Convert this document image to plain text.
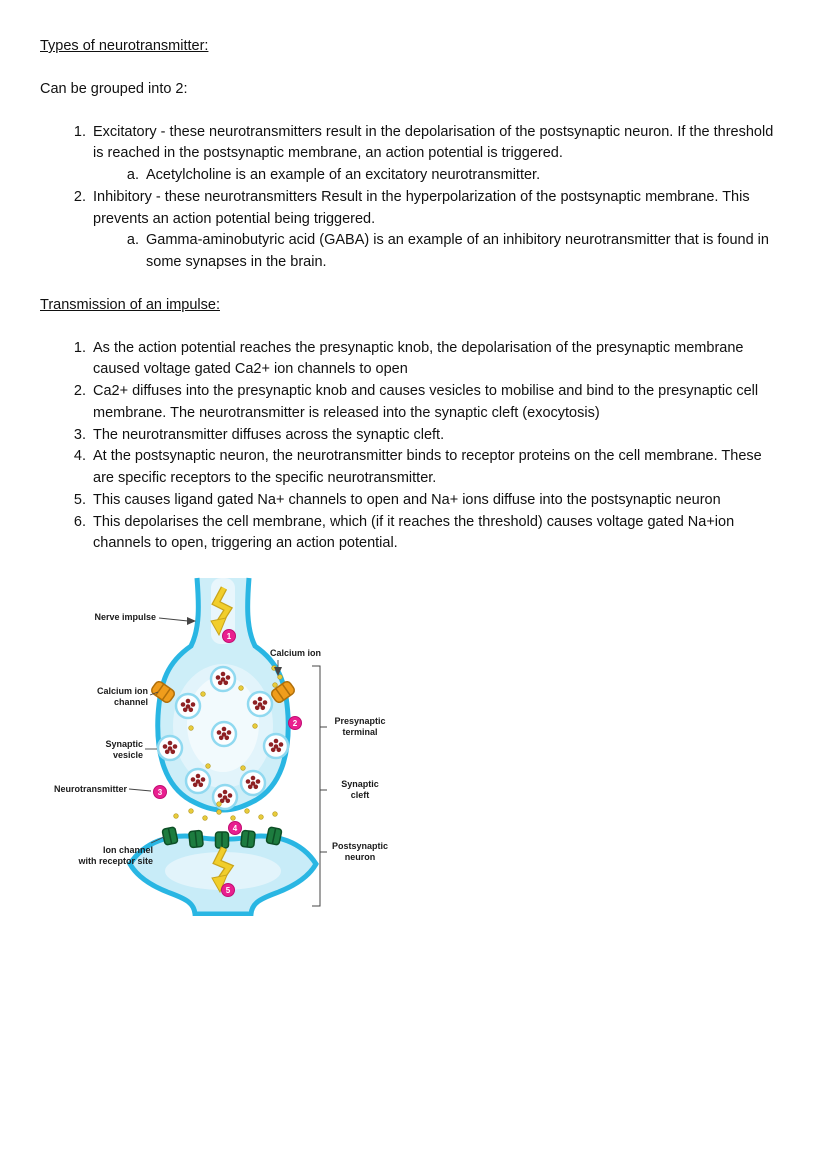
Types of neurotransmitter:

Can be grouped into 2:

1. Excitatory - these neurotransmitters result in the depolarisation of the postsynaptic neuron. If the threshold is reached in the postsynaptic membrane, an action potential is triggered.
a. Acetylcholine is an example of an excitatory neurotransmitter.
2. Inhibitory - these neurotransmitters Result in the hyperpolarization of the postsynaptic membrane. This prevents an action potential being triggered.
a. Gamma-aminobutyric acid (GABA) is an example of an inhibitory neurotransmitter that is found in some synapses in the brain.
Transmission of an impulse:
1. As the action potential reaches the presynaptic knob, the depolarisation of the presynaptic membrane caused voltage gated Ca2+ ion channels to open
2. Ca2+ diffuses into the presynaptic knob and causes vesicles to mobilise and bind to the presynaptic cell membrane. The neurotransmitter is released into the synaptic cleft (exocytosis)
3. The neurotransmitter diffuses across the synaptic cleft.
4. At the postsynaptic neuron, the neurotransmitter binds to receptor proteins on the cell membrane. These are specific receptors to the specific neurotransmitter.
5. This causes ligand gated Na+ channels to open and Na+ ions diffuse into the postsynaptic neuron
6. This depolarises the cell membrane, which (if it reaches the threshold) causes voltage gated Na+ion channels to open, triggering an action potential.
Nerve impulse
Calcium ion
Calcium ion
channel
Synaptic
vesicle
Neurotransmitter
Ion channel
with receptor site
Presynaptic
terminal
Synaptic
cleft
Postsynaptic
neuron
1
2
3
4
5
